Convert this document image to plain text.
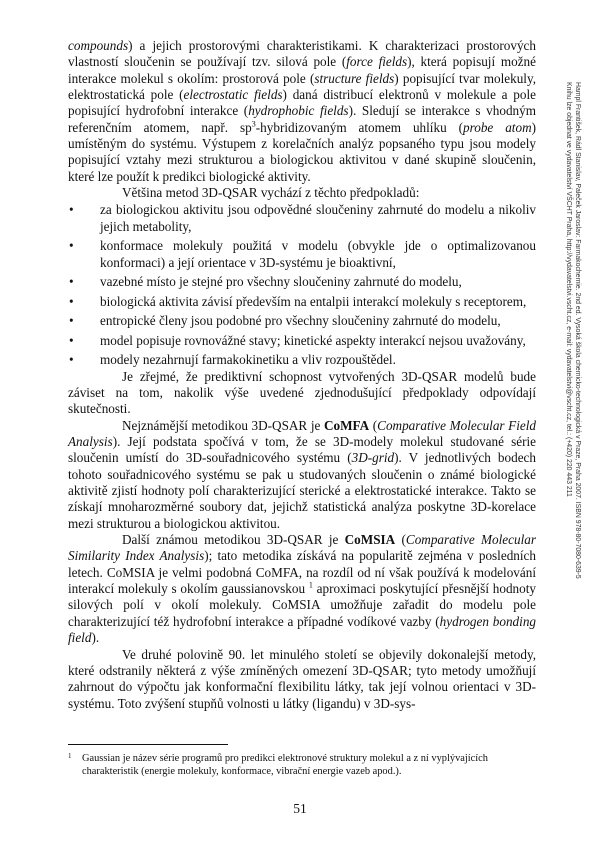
Hampl František, Rádl Stanislav, Paleček Jaroslav: Farmakochemie. 2nd ed. Vysoká škola chemicko-technologická v Praze, Praha 2007. ISBN 978-80-7080-639-5
Knihu lze objednat ve vydavatelství VŠCHT Praha, http://vydavatelstvi.vscht.cz, e-mail: vydavatelstvi@vscht.cz, tel.: (+420) 220 443 211

compounds) a jejich prostorovými charakteristikami. K charakterizaci prostorových vlastností sloučenin se používají tzv. silová pole (force fields), která popisují možné interakce molekul s okolím: prostorová pole (structure fields) popisující tvar molekuly, elektrostatická pole (electrostatic fields) daná distribucí elektronů v molekule a pole popisující hydrofobní interakce (hydrophobic fields). Sledují se interakce s vhodným referenčním atomem, např. $sp^3$-hybridizovaným atomem uhlíku (probe atom) umístěným do systému. Výstupem z korelačních analýz popsaného typu jsou modely popisující vztahy mezi strukturou a biologickou aktivitou v dané skupině sloučenin, které lze použít k predikci biologické aktivity.

Většina metod 3D-QSAR vychází z těchto předpokladů:

• za biologickou aktivitu jsou odpovědné sloučeniny zahrnuté do modelu a nikoliv jejich metabolity,
• konformace molekuly použitá v modelu (obvykle jde o optimalizovanou konformaci) a její orientace v 3D-systému je bioaktivní,
• vazebné místo je stejné pro všechny sloučeniny zahrnuté do modelu,
• biologická aktivita závisí především na entalpii interakcí molekuly s receptorem,
• entropické členy jsou podobné pro všechny sloučeniny zahrnuté do modelu,
• model popisuje rovnovážné stavy; kinetické aspekty interakcí nejsou uvažovány,
• modely nezahrnují farmakokinetiku a vliv rozpouštědel.

Je zřejmé, že prediktivní schopnost vytvořených 3D-QSAR modelů bude záviset na tom, nakolik výše uvedené zjednodušující předpoklady odpovídají skutečnosti.

Nejznámější metodikou 3D-QSAR je CoMFA (Comparative Molecular Field Analysis). Její podstata spočívá v tom, že se 3D-modely molekul studované série sloučenin umístí do 3D-souřadnicového systému (3D-grid). V jednotlivých bodech tohoto souřadnicového systému se pak u studovaných sloučenin o známé biologické aktivitě zjistí hodnoty polí charakterizující sterické a elektrostatické interakce. Takto se získají mnoharozměrné soubory dat, jejichž statistická analýza poskytne 3D-korelace mezi strukturou a biologickou aktivitou.

Další známou metodikou 3D-QSAR je CoMSIA (Comparative Molecular Similarity Index Analysis); tato metodika získává na popularitě zejména v posledních letech. CoMSIA je velmi podobná CoMFA, na rozdíl od ní však používá k modelování interakcí molekuly s okolím gaussianovskou $^1$ aproximaci poskytující přesnější hodnoty silových polí v okolí molekuly. CoMSIA umožňuje zařadit do modelu pole charakterizující též hydrofobní interakce a případné vodíkové vazby (hydrogen bonding field).

Ve druhé polovině 90. let minulého století se objevily dokonalejší metody, které odstranily některá z výše zmíněných omezení 3D-QSAR; tyto metody umožňují zahrnout do výpočtu jak konformační flexibilitu látky, tak její volnou orientaci v 3D-systému. Toto zvýšení stupňů volnosti u látky (ligandu) v 3D-sys-

1	Gaussian je název série programů pro predikci elektronové struktury molekul a z ní vyplývajících charakteristik (energie molekuly, konformace, vibrační energie vazeb apod.).
51
